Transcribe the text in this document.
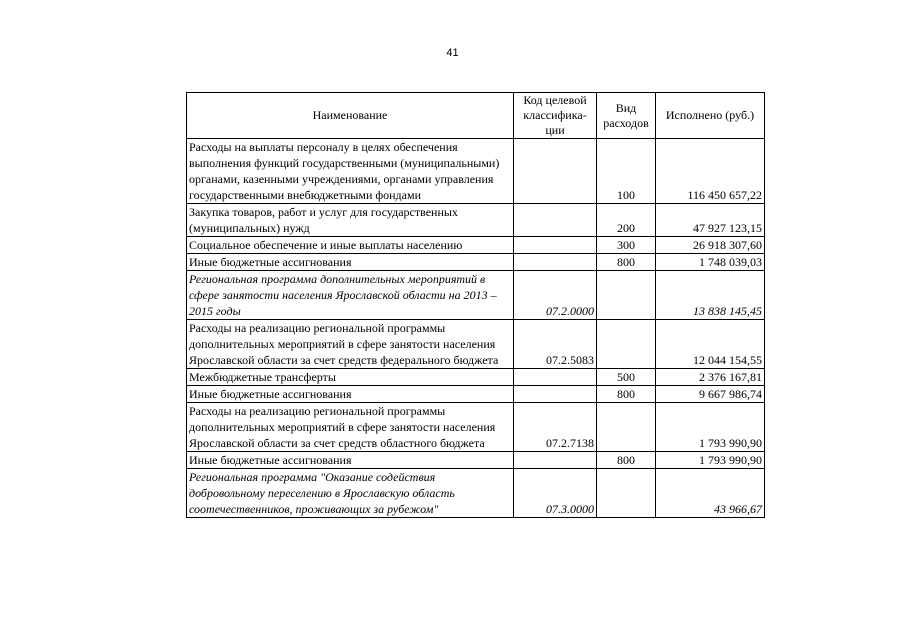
41
Наименование	Код целевой классифика-ции	Вид расходов	Исполнено (руб.)
Расходы на выплаты персоналу в целях обеспечения выполнения функций государственными (муниципальными) органами, казенными учреждениями, органами управления государственными внебюджетными фондами		100	116 450 657,22
Закупка товаров, работ и услуг для государственных (муниципальных) нужд		200	47 927 123,15
Социальное обеспечение и иные выплаты населению		300	26 918 307,60
Иные бюджетные ассигнования		800	1 748 039,03
Региональная программа дополнительных мероприятий в сфере занятости населения Ярославской области на 2013 – 2015 годы	07.2.0000		13 838 145,45
Расходы на реализацию региональной программы дополнительных мероприятий в сфере занятости населения Ярославской области за счет средств федерального бюджета	07.2.5083		12 044 154,55
Межбюджетные трансферты		500	2 376 167,81
Иные бюджетные ассигнования		800	9 667 986,74
Расходы на реализацию региональной программы дополнительных мероприятий в сфере занятости населения Ярославской области за счет средств областного бюджета	07.2.7138		1 793 990,90
Иные бюджетные ассигнования		800	1 793 990,90
Региональная программа "Оказание содействия добровольному переселению в Ярославскую область соотечественников, проживающих за рубежом"	07.3.0000		43 966,67
